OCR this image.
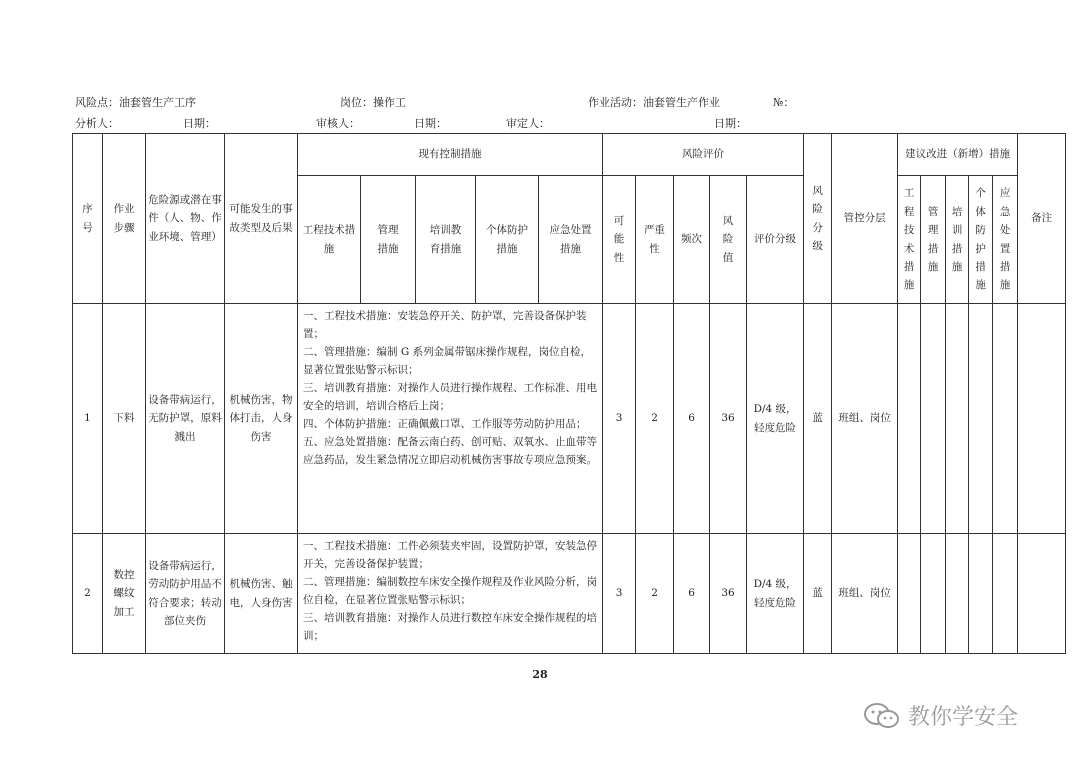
风险点：油套管生产工序	岗位：操作工	作业活动：油套管生产作业	№：
分析人：	日期：	审核人：	日期：	审定人：	日期：
序号	作业步骤	危险源或潜在事件（人、物、作业环境、管理）	可能发生的事故类型及后果	现有控制措施					风险评价					风险分级	管控分层	建议改进（新增）措施					备注
				工程技术措施	管理措施	培训教育措施	个体防护措施	应急处置措施	可能性	严重性	频次	风险值	评价分级			工程技术措施	管理措施	培训措施	个体防护措施	应急处置措施	
1	下料	设备带病运行，无防护罩，原料溅出	机械伤害，物体打击，人身伤害	一、工程技术措施：安装急停开关、防护罩，完善设备保护装置；
二、管理措施：编制 G 系列金属带锯床操作规程，岗位自检，显著位置张贴警示标识；
三、培训教育措施：对操作人员进行操作规程、工作标准、用电安全的培训，培训合格后上岗；
四、个体防护措施：正确佩戴口罩、工作服等劳动防护用品；
五、应急处置措施：配备云南白药、创可贴、双氧水、止血带等应急药品，发生紧急情况立即启动机械伤害事故专项应急预案。					3	2	6	36	D/4 级，轻度危险	蓝	班组、岗位						
2	数控螺纹加工	设备带病运行，劳动防护用品不符合要求；转动部位夹伤	机械伤害、触电，人身伤害	一、工程技术措施：工件必须装夹牢固，设置防护罩，安装急停开关，完善设备保护装置；
二、管理措施：编制数控车床安全操作规程及作业风险分析，岗位自检，在显著位置张贴警示标识；
三、培训教育措施：对操作人员进行数控车床安全操作规程的培训；					3	2	6	36	D/4 级，轻度危险	蓝	班组、岗位						
28
教你学安全
